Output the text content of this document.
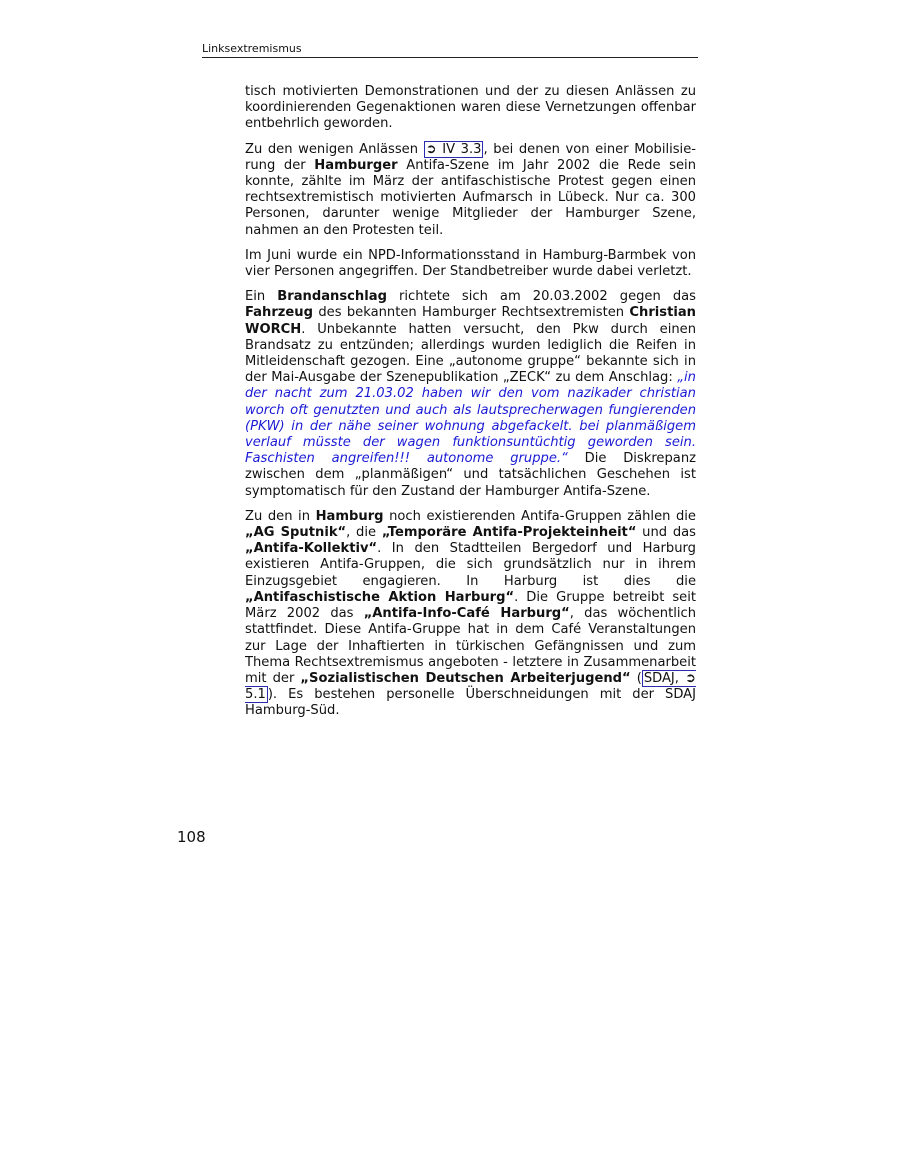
Linksextremismus

tisch motivierten Demonstrationen und der zu diesen Anlässen zu koordinierenden Gegenaktionen waren diese Vernetzungen offenbar entbehrlich geworden.

Zu den wenigen Anlässen ➲ IV 3.3 , bei denen von einer Mobilisierung der Hamburger Antifa-Szene im Jahr 2002 die Rede sein konnte, zählte im März der antifaschistische Protest gegen einen rechtsextremistisch motivierten Aufmarsch in Lübeck. Nur ca. 300 Personen, darunter wenige Mitglieder der Hamburger Szene, nahmen an den Protesten teil.

Im Juni wurde ein NPD-Informationsstand in Hamburg-Barmbek von vier Personen angegriffen. Der Standbetreiber wurde dabei verletzt.

Ein Brandanschlag richtete sich am 20.03.2002 gegen das Fahrzeug des bekannten Hamburger Rechtsextremisten Christian WORCH. Unbekannte hatten versucht, den Pkw durch einen Brandsatz zu entzünden; allerdings wurden lediglich die Reifen in Mitleidenschaft gezogen. Eine „autonome gruppe“ bekannte sich in der Mai-Ausgabe der Szenepublikation „ZECK“ zu dem Anschlag: „in der nacht zum 21.03.02 haben wir den vom nazikader christian worch oft genutzten und auch als lautsprecherwagen fungierenden (PKW) in der nähe seiner wohnung abgefackelt. bei planmäßigem verlauf müsste der wagen funktionsuntüchtig geworden sein. Faschisten angreifen!!! autonome gruppe.“ Die Diskrepanz zwischen dem „planmäßigen“ und tatsächlichen Geschehen ist symptomatisch für den Zustand der Hamburger Antifa-Szene.

Zu den in Hamburg noch existierenden Antifa-Gruppen zählen die „AG Sputnik“, die „Temporäre Antifa-Projekteinheit“ und das „Antifa-Kollektiv“. In den Stadtteilen Bergedorf und Harburg existieren Antifa-Gruppen, die sich grundsätzlich nur in ihrem Einzugsgebiet engagieren. In Harburg ist dies die „Antifaschistische Aktion Harburg“. Die Gruppe betreibt seit März 2002 das „Antifa-Info-Café Harburg“, das wöchentlich stattfindet. Diese Antifa-Gruppe hat in dem Café Veranstaltungen zur Lage der Inhaftierten in türkischen Gefängnissen und zum Thema Rechtsextremismus angeboten - letztere in Zusammenarbeit mit der „Sozialistischen Deutschen Arbeiterjugend“ ( SDAJ, ➲ 5.1 ). Es bestehen personelle Überschneidungen mit der SDAJ Hamburg-Süd.

108
